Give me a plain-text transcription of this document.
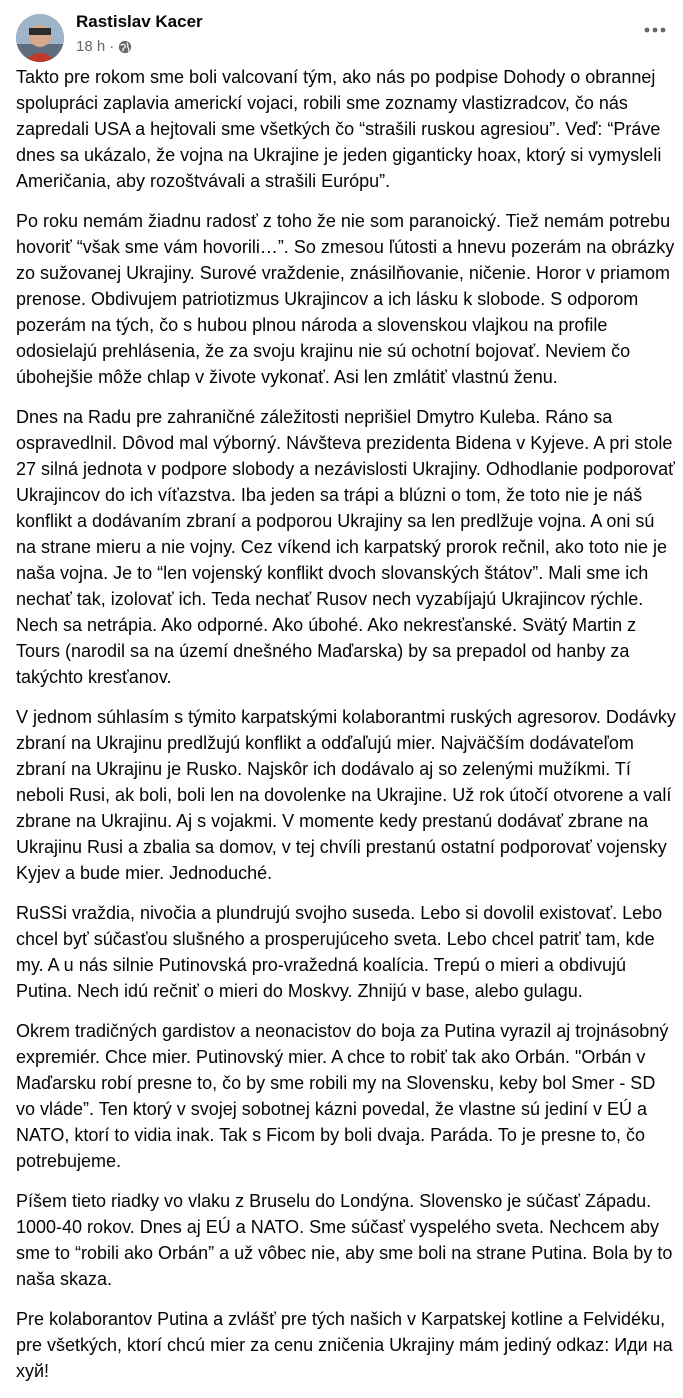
Rastislav Kacer
18 h ·

Takto pre rokom sme boli valcovaní tým, ako nás po podpise Dohody o obrannej spolupráci zaplavia americkí vojaci, robili sme zoznamy vlastizradcov, čo nás zapredali USA a hejtovali sme všetkých čo “strašili ruskou agresiou”. Veď: “Práve dnes sa ukázalo, že vojna na Ukrajine je jeden giganticky hoax, ktorý si vymysleli Američania, aby rozoštvávali a strašili Európu”.

Po roku nemám žiadnu radosť z toho že nie som paranoický. Tiež nemám potrebu hovoriť “však sme vám hovorili…”. So zmesou ľútosti a hnevu pozerám na obrázky zo sužovanej Ukrajiny. Surové vraždenie, znásilňovanie, ničenie. Horor v priamom prenose. Obdivujem patriotizmus Ukrajincov a ich lásku k slobode. S odporom pozerám na tých, čo s hubou plnou národa a slovenskou vlajkou na profile odosielajú prehlásenia, že za svoju krajinu nie sú ochotní bojovať. Neviem čo úbohejšie môže chlap v živote vykonať. Asi len zmlátiť vlastnú ženu.

Dnes na Radu pre zahraničné záležitosti neprišiel Dmytro Kuleba. Ráno sa ospravedlnil. Dôvod mal výborný. Návšteva prezidenta Bidena v Kyjeve. A pri stole 27 silná jednota v podpore slobody a nezávislosti Ukrajiny. Odhodlanie podporovať Ukrajincov do ich víťazstva. Iba jeden sa trápi a blúzni o tom, že toto nie je náš konflikt a dodávaním zbraní a podporou Ukrajiny sa len predlžuje vojna. A oni sú na strane mieru a nie vojny. Cez víkend ich karpatský prorok rečnil, ako toto nie je naša vojna. Je to “len vojenský konflikt dvoch slovanských štátov”. Mali sme ich nechať tak, izolovať ich. Teda nechať Rusov nech vyzabíjajú Ukrajincov rýchle. Nech sa netrápia. Ako odporné. Ako úbohé. Ako nekresťanské. Svätý Martin z Tours (narodil sa na území dnešného Maďarska) by sa prepadol od hanby za takýchto kresťanov.

V jednom súhlasím s týmito karpatskými kolaborantmi ruských agresorov. Dodávky zbraní na Ukrajinu predlžujú konflikt a odďaľujú mier. Najväčším dodávateľom zbraní na Ukrajinu je Rusko. Najskôr ich dodávalo aj so zelenými mužíkmi. Tí neboli Rusi, ak boli, boli len na dovolenke na Ukrajine. Už rok útočí otvorene a valí zbrane na Ukrajinu. Aj s vojakmi. V momente kedy prestanú dodávať zbrane na Ukrajinu Rusi a zbalia sa domov, v tej chvíli prestanú ostatní podporovať vojensky Kyjev a bude mier. Jednoduché.

RuSSi vraždia, nivočia a plundrujú svojho suseda. Lebo si dovolil existovať. Lebo chcel byť súčasťou slušného a prosperujúceho sveta. Lebo chcel patriť tam, kde my. A u nás silnie Putinovská pro-vražedná koalícia. Trepú o mieri a obdivujú Putina. Nech idú rečniť o mieri do Moskvy. Zhnijú v base, alebo gulagu.

Okrem tradičných gardistov a neonacistov do boja za Putina vyrazil aj trojnásobný expremiér. Chce mier. Putinovský mier. A chce to robiť tak ako Orbán. "Orbán v Maďarsku robí presne to, čo by sme robili my na Slovensku, keby bol Smer - SD vo vláde”. Ten ktorý v svojej sobotnej kázni povedal, že vlastne sú jediní v EÚ a NATO, ktorí to vidia inak. Tak s Ficom by boli dvaja. Paráda. To je presne to, čo potrebujeme.

Píšem tieto riadky vo vlaku z Bruselu do Londýna. Slovensko je súčasť Západu. 1000-40 rokov. Dnes aj EÚ a NATO. Sme súčasť vyspelého sveta. Nechcem aby sme to “robili ako Orbán” a už vôbec nie, aby sme boli na strane Putina. Bola by to naša skaza.

Pre kolaborantov Putina a zvlášť pre tých našich v Karpatskej kotline a Felvidéku, pre všetkých, ktorí chcú mier za cenu zničenia Ukrajiny mám jediný odkaz: Иди на хуй!
